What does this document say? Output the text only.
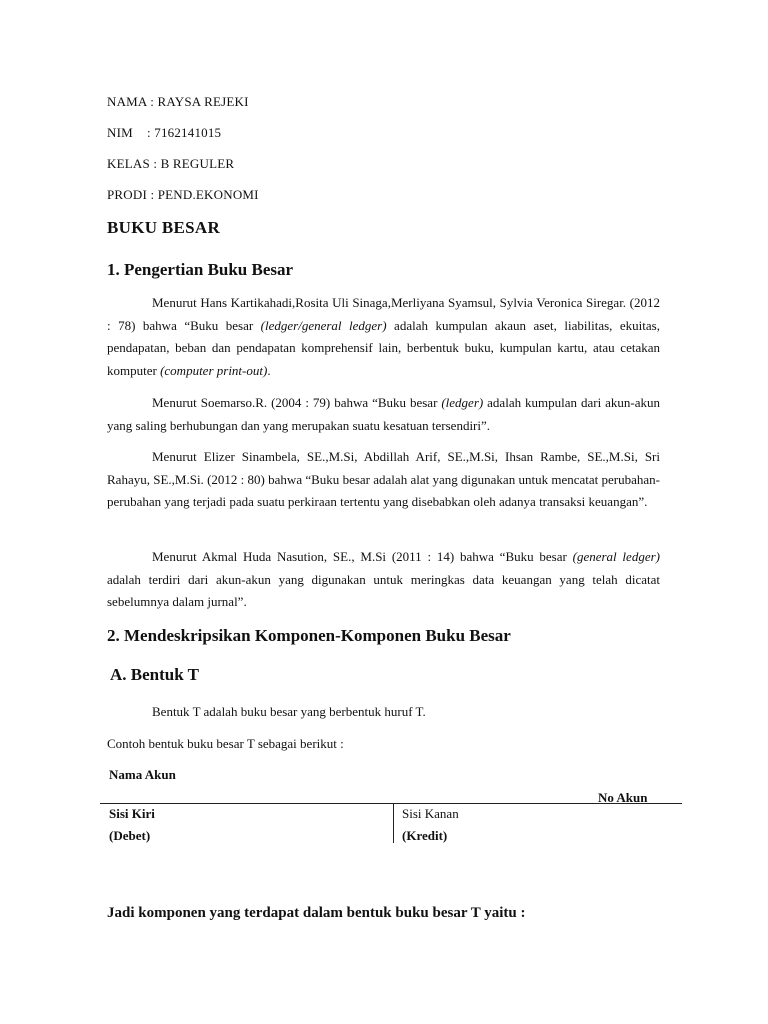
NAMA : RAYSA REJEKI
NIM : 7162141015
KELAS : B REGULER
PRODI : PEND.EKONOMI
BUKU BESAR
1. Pengertian Buku Besar

Menurut Hans Kartikahadi,Rosita Uli Sinaga,Merliyana Syamsul, Sylvia Veronica Siregar. (2012 : 78) bahwa “Buku besar (ledger/general ledger) adalah kumpulan akaun aset, liabilitas, ekuitas, pendapatan, beban dan pendapatan komprehensif lain, berbentuk buku, kumpulan kartu, atau cetakan komputer (computer print-out).

Menurut Soemarso.R. (2004 : 79) bahwa “Buku besar (ledger) adalah kumpulan dari akun-akun yang saling berhubungan dan yang merupakan suatu kesatuan tersendiri”.

Menurut Elizer Sinambela, SE.,M.Si, Abdillah Arif, SE.,M.Si, Ihsan Rambe, SE.,M.Si, Sri Rahayu, SE.,M.Si. (2012 : 80) bahwa “Buku besar adalah alat yang digunakan untuk mencatat perubahan-perubahan yang terjadi pada suatu perkiraan tertentu yang disebabkan oleh adanya transaksi keuangan”.

Menurut Akmal Huda Nasution, SE., M.Si (2011 : 14) bahwa “Buku besar (general ledger) adalah terdiri dari akun-akun yang digunakan untuk meringkas data keuangan yang telah dicatat sebelumnya dalam jurnal”.

2. Mendeskripsikan Komponen-Komponen Buku Besar
A. Bentuk T

Bentuk T adalah buku besar yang berbentuk huruf T.

Contoh bentuk buku besar T sebagai berikut :

Nama Akun
No Akun
Sisi Kiri
(Debet)
Sisi Kanan
(Kredit)

Jadi komponen yang terdapat dalam bentuk buku besar T yaitu :
